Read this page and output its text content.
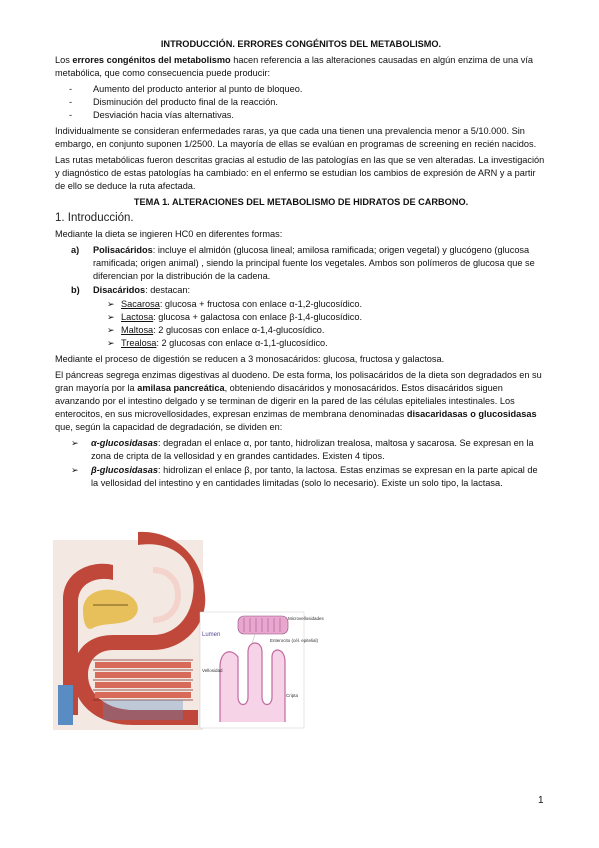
INTRODUCCIÓN. ERRORES CONGÉNITOS DEL METABOLISMO.

Los errores congénitos del metabolismo hacen referencia a las alteraciones causadas en algún enzima de una vía metabólica, que como consecuencia puede producir:

- Aumento del producto anterior al punto de bloqueo.
- Disminución del producto final de la reacción.
- Desviación hacia vías alternativas.

Individualmente se consideran enfermedades raras, ya que cada una tienen una prevalencia menor a 5/10.000. Sin embargo, en conjunto suponen 1/2500. La mayoría de ellas se evalúan en programas de screening en recién nacidos.

Las rutas metabólicas fueron descritas gracias al estudio de las patologías en las que se ven alteradas. La investigación y diagnóstico de estas patologías ha cambiado: en el enfermo se estudian los cambios de expresión de ARN y a partir de ello se deduce la ruta afectada.

TEMA 1. ALTERACIONES DEL METABOLISMO DE HIDRATOS DE CARBONO.

1. Introducción.

Mediante la dieta se ingieren HC0 en diferentes formas:

a) Polisacáridos: incluye el almidón (glucosa lineal; amilosa ramificada; origen vegetal) y glucógeno (glucosa ramificada; origen animal) , siendo la principal fuente los vegetales. Ambos son polímeros de glucosa que se diferencian por la distribución de la cadena.
b) Disacáridos: destacan:
➢ Sacarosa: glucosa + fructosa con enlace α-1,2-glucosídico.
➢ Lactosa: glucosa + galactosa con enlace β-1,4-glucosídico.
➢ Maltosa: 2 glucosas con enlace α-1,4-glucosídico.
➢ Trealosa: 2 glucosas con enlace α-1,1-glucosídico.

Mediante el proceso de digestión se reducen a 3 monosacáridos: glucosa, fructosa y galactosa.

El páncreas segrega enzimas digestivas al duodeno. De esta forma, los polisacáridos de la dieta son degradados en su gran mayoría por la amilasa pancreática, obteniendo disacáridos y monosacáridos. Estos disacáridos siguen avanzando por el intestino delgado y se terminan de digerir en la pared de las células epiteliales intestinales. Los enterocitos, en sus microvellosidades, expresan enzimas de membrana denominadas disacaridasas o glucosidasas que, según la capacidad de degradación, se dividen en:

➢ α-glucosidasas: degradan el enlace α, por tanto, hidrolizan trealosa, maltosa y sacarosa. Se expresan en la zona de cripta de la vellosidad y en grandes cantidades. Existen 4 tipos.
➢ β-glucosidasas: hidrolizan el enlace β, por tanto, la lactosa. Estas enzimas se expresan en la parte apical de la vellosidad del intestino y en cantidades limitadas (solo lo necesario). Existe un solo tipo, la lactasa.
Microvellosidades
Enterocito (cél. epitelial)
Vellosidad
Cripta
Lumen
1
